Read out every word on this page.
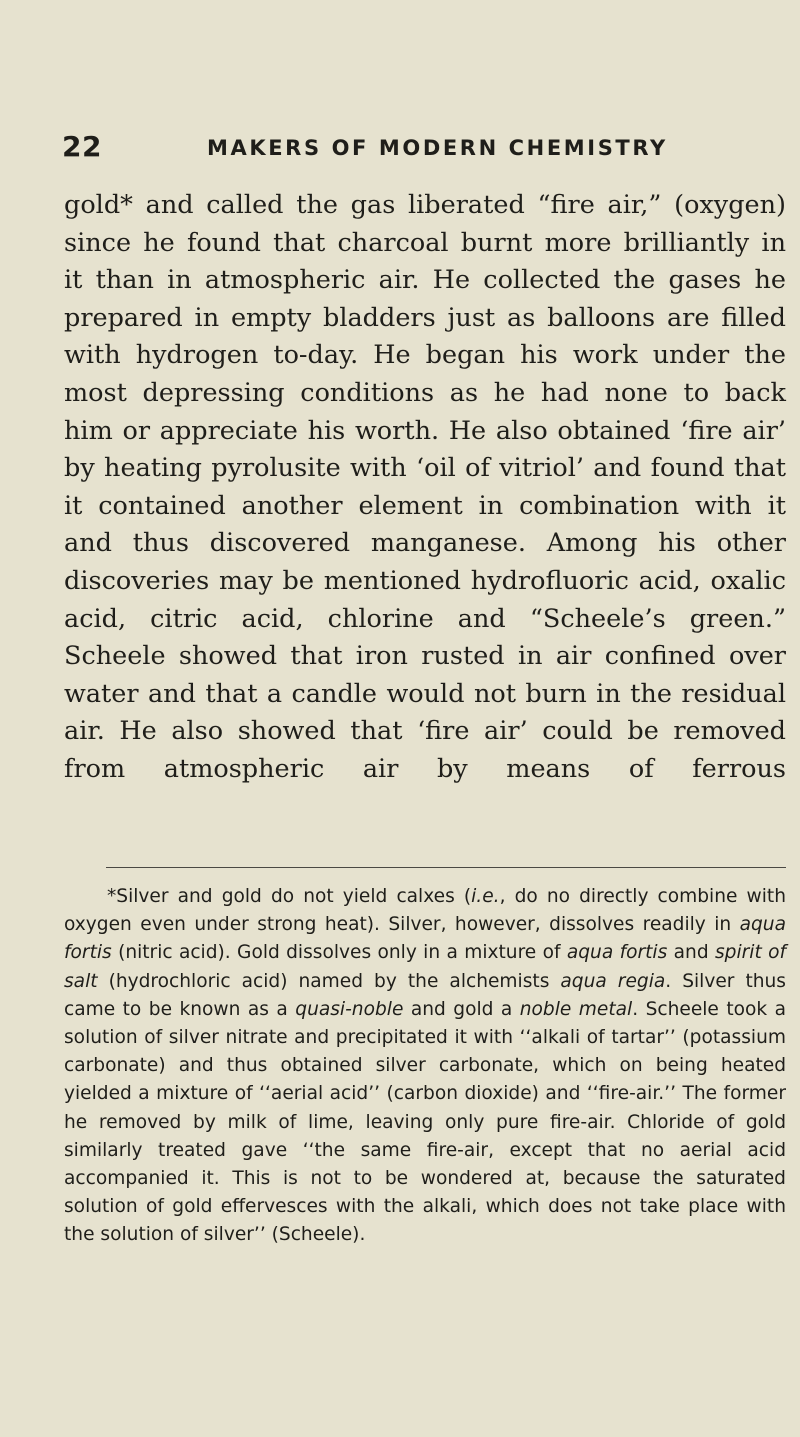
22	MAKERS OF MODERN CHEMISTRY

gold* and called the gas liberated “fire air,” (oxygen) since he found that charcoal burnt more brilliantly in it than in atmospheric air. He collected the gases he prepared in empty bladders just as balloons are filled with hydrogen to-day. He began his work under the most depressing conditions as he had none to back him or appreciate his worth. He also obtained ‘fire air’ by heating pyrolusite with ‘oil of vitriol’ and found that it contained another element in combination with it and thus discovered manganese. Among his other discoveries may be mentioned hydrofluoric acid, oxalic acid, citric acid, chlorine and “Scheele’s green.” Scheele showed that iron rusted in air confined over water and that a candle would not burn in the residual air. He also showed that ‘fire air’ could be removed from atmospheric air by means of ferrous

*Silver and gold do not yield calxes (i.e., do no directly combine with oxygen even under strong heat). Silver, however, dissolves readily in aqua fortis (nitric acid). Gold dissolves only in a mixture of aqua fortis and spirit of salt (hydrochloric acid) named by the alchemists aqua regia. Silver thus came to be known as a quasi-noble and gold a noble metal. Scheele took a solution of silver nitrate and precipitated it with ‘‘alkali of tartar’’ (potassium carbonate) and thus obtained silver carbonate, which on being heated yielded a mixture of ‘‘aerial acid’’ (carbon dioxide) and ‘‘fire-air.’’ The former he removed by milk of lime, leaving only pure fire-air. Chloride of gold similarly treated gave ‘‘the same fire-air, except that no aerial acid accompanied it. This is not to be wondered at, because the saturated solution of gold effervesces with the alkali, which does not take place with the solution of silver’’ (Scheele).
